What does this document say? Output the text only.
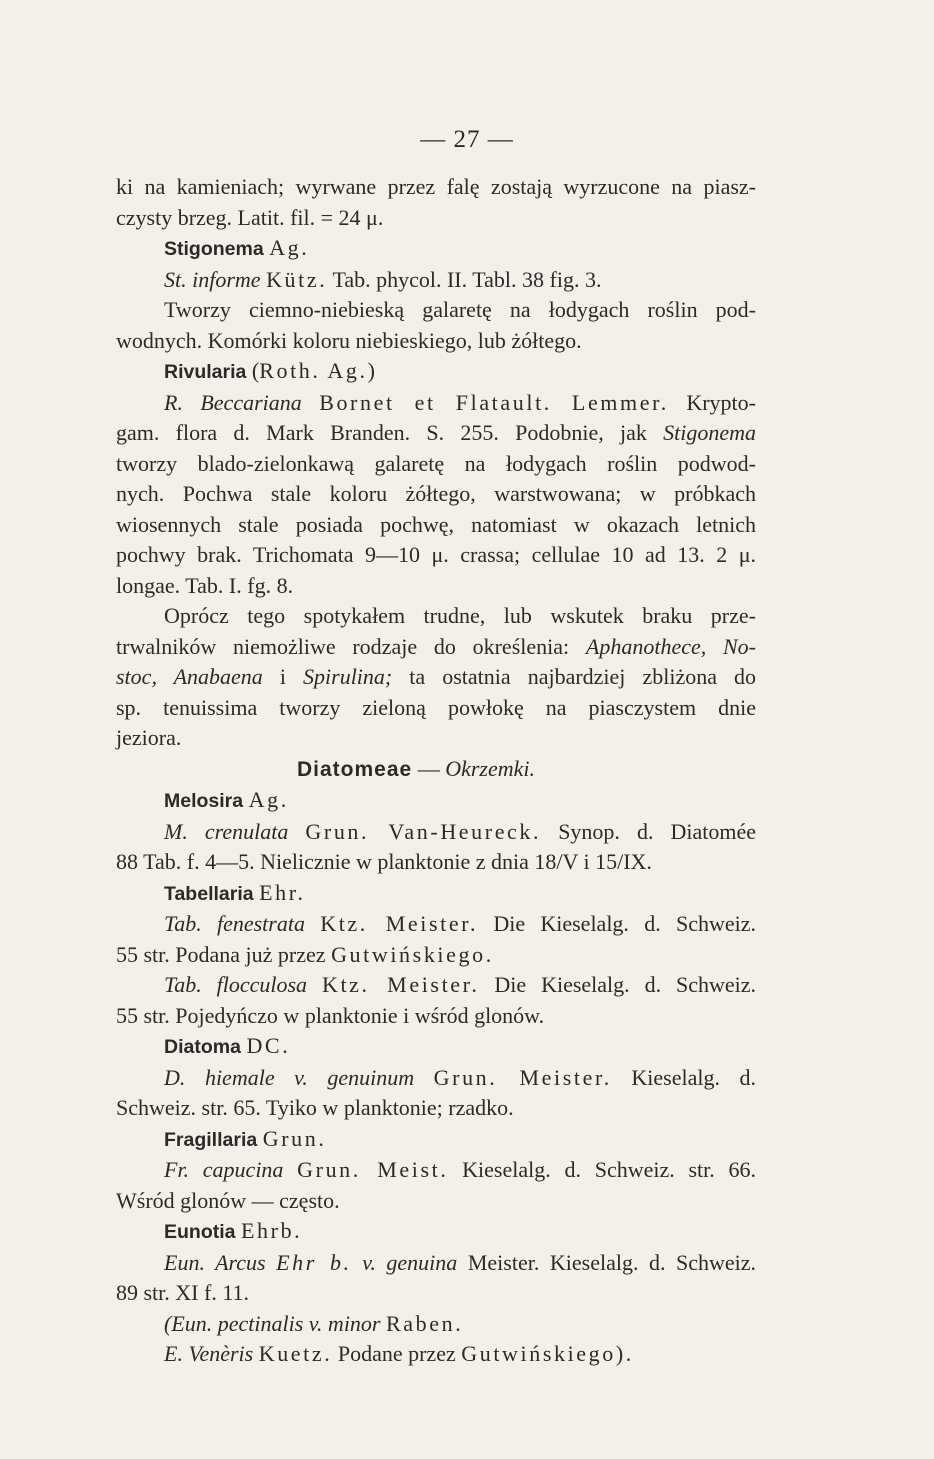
— 27 —
ki na kamieniach; wyrwane przez falę zostają wyrzucone na piasz-
czysty brzeg. Latit. fil. = 24 μ.
Stigonema Ag.
St. informe Kütz. Tab. phycol. II. Tabl. 38 fig. 3.
Tworzy ciemno-niebieską galaretę na łodygach roślin pod-
wodnych. Komórki koloru niebieskiego, lub żółtego.
Rivularia (Roth. Ag.)
R. Beccariana Bornet et Flatault. Lemmer. Krypto-
gam. flora d. Mark Branden. S. 255. Podobnie, jak Stigonema
tworzy blado-zielonkawą galaretę na łodygach roślin podwod-
nych. Pochwa stale koloru żółtego, warstwowana; w próbkach
wiosennych stale posiada pochwę, natomiast w okazach letnich
pochwy brak. Trichomata 9—10 μ. crassa; cellulae 10 ad 13. 2 μ.
longae. Tab. I. fg. 8.
Oprócz tego spotykałem trudne, lub wskutek braku prze-
trwalników niemożliwe rodzaje do określenia: Aphanothece, No-
stoc, Anabaena i Spirulina; ta ostatnia najbardziej zbliżona do
sp. tenuissima tworzy zieloną powłokę na piasczystem dnie
jeziora.
Diatomeae — Okrzemki.
Melosira Ag.
M. crenulata Grun. Van-Heureck. Synop. d. Diatomée
88 Tab. f. 4—5. Nielicznie w planktonie z dnia 18/V i 15/IX.
Tabellaria Ehr.
Tab. fenestrata Ktz. Meister. Die Kieselalg. d. Schweiz.
55 str. Podana już przez Gutwińskiego.
Tab. flocculosa Ktz. Meister. Die Kieselalg. d. Schweiz.
55 str. Pojedyńczo w planktonie i wśród glonów.
Diatoma DC.
D. hiemale v. genuinum Grun. Meister. Kieselalg. d.
Schweiz. str. 65. Tyiko w planktonie; rzadko.
Fragillaria Grun.
Fr. capucina Grun. Meist. Kieselalg. d. Schweiz. str. 66.
Wśród glonów — często.
Eunotia Ehrb.
Eun. Arcus Ehr b. v. genuina Meister. Kieselalg. d. Schweiz.
89 str. XI f. 11.
(Eun. pectinalis v. minor Raben.
E. Venèris Kuetz. Podane przez Gutwińskiego).
